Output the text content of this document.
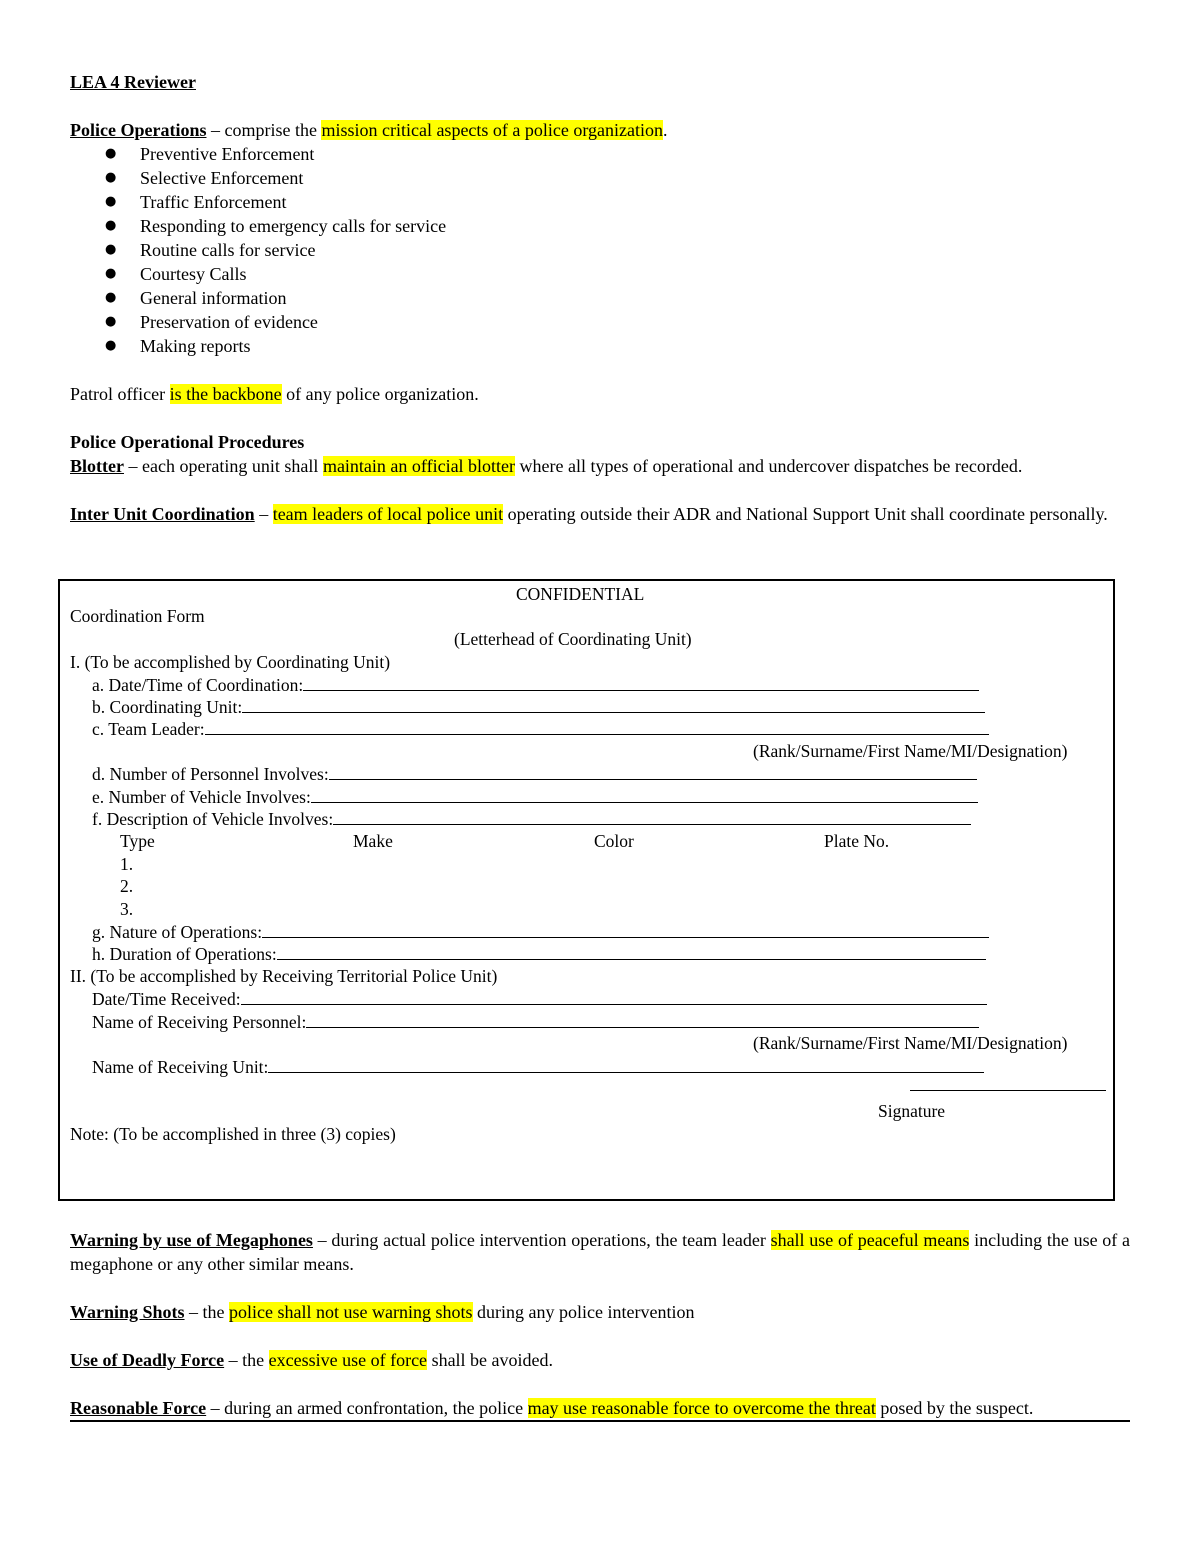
LEA 4 Reviewer

Police Operations – comprise the mission critical aspects of a police organization.

● Preventive Enforcement
● Selective Enforcement
● Traffic Enforcement
● Responding to emergency calls for service
● Routine calls for service
● Courtesy Calls
● General information
● Preservation of evidence
● Making reports

Patrol officer is the backbone of any police organization.

Police Operational Procedures

Blotter – each operating unit shall maintain an official blotter where all types of operational and undercover dispatches be recorded.

Inter Unit Coordination – team leaders of local police unit operating outside their ADR and National Support Unit shall coordinate personally.

CONFIDENTIAL
Coordination Form
(Letterhead of Coordinating Unit)
I. (To be accomplished by Coordinating Unit)
a. Date/Time of Coordination:
b. Coordinating Unit:
c. Team Leader:
(Rank/Surname/First Name/MI/Designation)
d. Number of Personnel Involves:
e. Number of Vehicle Involves:
f. Description of Vehicle Involves:
Type	Make	Color	Plate No.
1.
2.
3.
g. Nature of Operations:
h. Duration of Operations:
II. (To be accomplished by Receiving Territorial Police Unit)
Date/Time Received:
Name of Receiving Personnel:
(Rank/Surname/First Name/MI/Designation)
Name of Receiving Unit:
Signature
Note: (To be accomplished in three (3) copies)

Warning by use of Megaphones – during actual police intervention operations, the team leader shall use of peaceful means including the use of a megaphone or any other similar means.

Warning Shots – the police shall not use warning shots during any police intervention

Use of Deadly Force – the excessive use of force shall be avoided.

Reasonable Force – during an armed confrontation, the police may use reasonable force to overcome the threat posed by the suspect.
